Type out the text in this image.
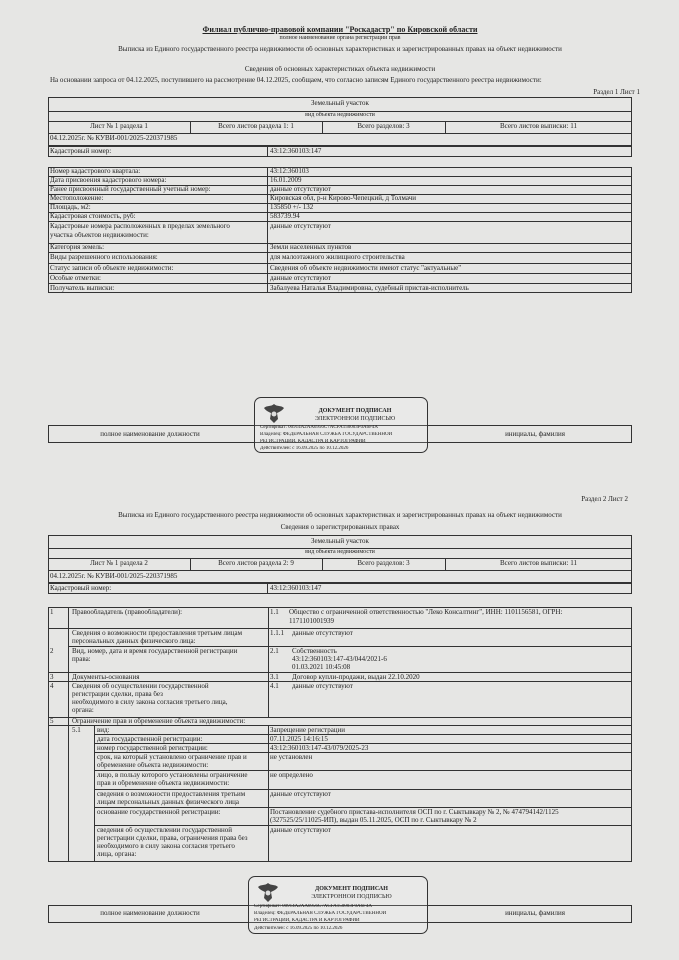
Филиал публично-правовой компании "Роскадастр" по Кировской области
полное наименование органа регистрации прав
Выписка из Единого государственного реестра недвижимости об основных характеристиках и зарегистрированных правах на объект недвижимости
Сведения об основных характеристиках объекта недвижимости
На основании запроса от 04.12.2025, поступившего на рассмотрение 04.12.2025, сообщаем, что согласно записям Единого государственного реестра недвижимости:
Раздел 1 Лист 1
Земельный участок
вид объекта недвижимости
Лист № 1 раздела 1	Всего листов раздела 1: 1	Всего разделов: 3	Всего листов выписки: 11
04.12.2025г. № КУВИ-001/2025-220371985
Кадастровый номер:	43:12:360103:147
Номер кадастрового квартала:	43:12:360103
Дата присвоения кадастрового номера:	16.01.2009
Ранее присвоенный государственный учетный номер:	данные отсутствуют
Местоположение:	Кировская обл, р-н Кирово-Чепецкий, д Толмачи
Площадь, м2:	135850 +/- 132
Кадастровая стоимость, руб:	583739.94
Кадастровые номера расположенных в пределах земельного
участка объектов недвижимости:
данные отсутствуют
Категория земель:	Земли населенных пунктов
Виды разрешенного использования:	для малоэтажного жилищного строительства
Статус записи об объекте недвижимости:	Сведения об объекте недвижимости имеют статус "актуальные"
Особые отметки:	данные отсутствуют
Получатель выписки:	Забалуева Наталья Владимировна, судебный пристав-исполнитель
полное наименование должности	инициалы, фамилия
ДОКУМЕНТ ПОДПИСАН
ЭЛЕКТРОННОЙ ПОДПИСЬЮ
Сертификат: 00914A2AA6956C7ACFA150003F0A6F4A
Владелец: ФЕДЕРАЛЬНАЯ СЛУЖБА ГОСУДАРСТВЕННОЙ
РЕГИСТРАЦИИ, КАДАСТРА И КАРТОГРАФИИ
Действителен: с 16.09.2025 по 10.12.2026
Раздел 2 Лист 2
Выписка из Единого государственного реестра недвижимости об основных характеристиках и зарегистрированных правах на объект недвижимости
Сведения о зарегистрированных правах
Земельный участок
вид объекта недвижимости
Лист № 1 раздела 2	Всего листов раздела 2: 9	Всего разделов: 3	Всего листов выписки: 11
04.12.2025г. № КУВИ-001/2025-220371985
Кадастровый номер:	43:12:360103:147
1	Правообладатель (правообладатели):	1.1	Общество с ограниченной ответственностью "Леко Консалтинг", ИНН: 1101156581, ОГРН:
1171101001939
Сведения о возможности предоставления третьим лицам
персональных данных физического лица:
1.1.1	данные отсутствуют
2	Вид, номер, дата и время государственной регистрации
права:
2.1	Собственность
43:12:360103:147-43/044/2021-6
01.03.2021 10:45:08
3	Документы-основания	3.1	Договор купли-продажи, выдан 22.10.2020
4	Сведения об осуществлении государственной
регистрации сделки, права без
необходимого в силу закона согласия третьего лица,
органа:
4.1	данные отсутствуют
5	Ограничение прав и обременение объекта недвижимости:
5.1	вид:	Запрещение регистрации
дата государственной регистрации:	07.11.2025 14:16:15
номер государственной регистрации:	43:12:360103:147-43/079/2025-23
срок, на который установлено ограничение прав и
обременение объекта недвижимости:
не установлен
лицо, в пользу которого установлены ограничение
прав и обременение объекта недвижимости:
не определено
сведения о возможности предоставления третьим
лицам персональных данных физического лица
данные отсутствуют
основание государственной регистрации:	Постановление судебного пристава-исполнителя ОСП по г. Сыктывкару № 2, № 474794142/1125
(327525/25/11025-ИП), выдан 05.11.2025, ОСП по г. Сыктывкару № 2
сведения об осуществлении государственной
регистрации сделки, права, ограничения права без
необходимого в силу закона согласия третьего
лица, органа:
данные отсутствуют
полное наименование должности	инициалы, фамилия
ДОКУМЕНТ ПОДПИСАН
ЭЛЕКТРОННОЙ ПОДПИСЬЮ
Сертификат: 00914A2AA6956C7ACFA150003F0A6F4A
Владелец: ФЕДЕРАЛЬНАЯ СЛУЖБА ГОСУДАРСТВЕННОЙ
РЕГИСТРАЦИИ, КАДАСТРА И КАРТОГРАФИИ
Действителен: с 16.09.2025 по 10.12.2026
